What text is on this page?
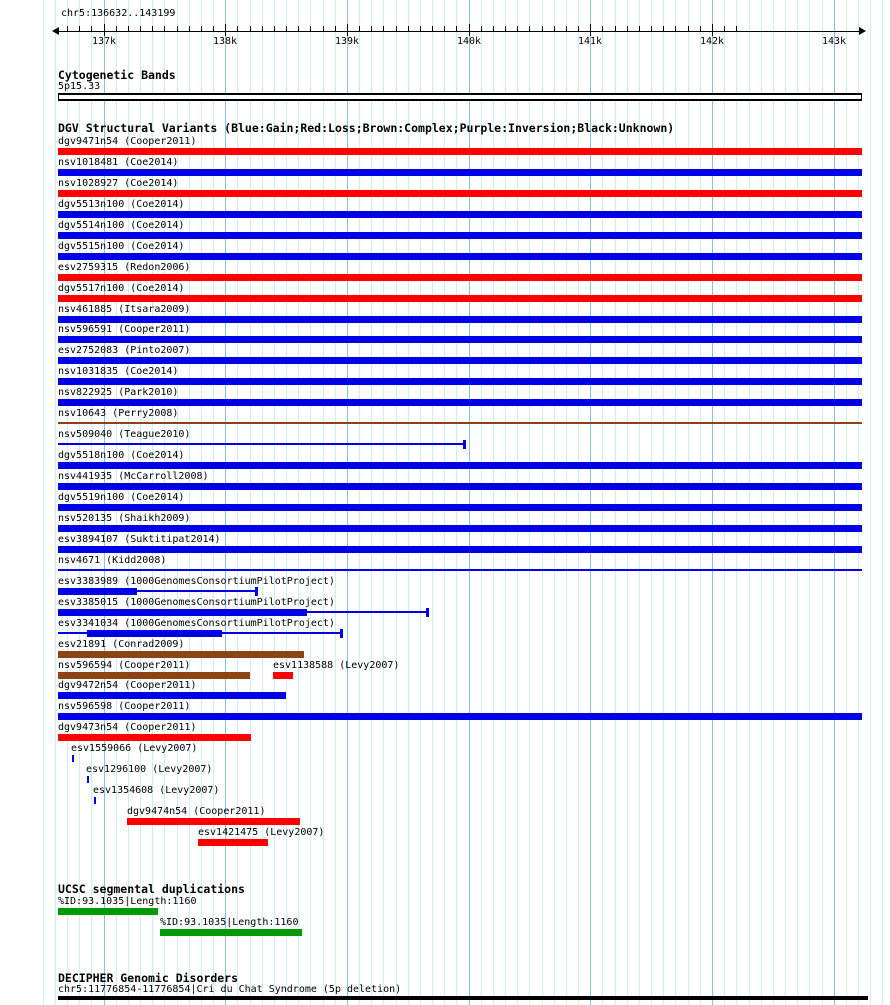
chr5:136632..143199
137k	138k	139k	140k	141k	142k	143k
Cytogenetic Bands
5p15.33
DGV Structural Variants (Blue:Gain;Red:Loss;Brown:Complex;Purple:Inversion;Black:Unknown)
dgv9471n54 (Cooper2011)
nsv1018481 (Coe2014)
nsv1028927 (Coe2014)
dgv5513n100 (Coe2014)
dgv5514n100 (Coe2014)
dgv5515n100 (Coe2014)
esv2759315 (Redon2006)
dgv5517n100 (Coe2014)
nsv461885 (Itsara2009)
nsv596591 (Cooper2011)
esv2752083 (Pinto2007)
nsv1031835 (Coe2014)
nsv822925 (Park2010)
nsv10643 (Perry2008)
nsv509040 (Teague2010)
dgv5518n100 (Coe2014)
nsv441935 (McCarroll2008)
dgv5519n100 (Coe2014)
nsv520135 (Shaikh2009)
esv3894107 (Suktitipat2014)
nsv4671 (Kidd2008)
esv3383989 (1000GenomesConsortiumPilotProject)
esv3385015 (1000GenomesConsortiumPilotProject)
esv3341034 (1000GenomesConsortiumPilotProject)
esv21891 (Conrad2009)
nsv596594 (Cooper2011)	esv1138588 (Levy2007)
dgv9472n54 (Cooper2011)
nsv596598 (Cooper2011)
dgv9473n54 (Cooper2011)
esv1559066 (Levy2007)
esv1296100 (Levy2007)
esv1354608 (Levy2007)
dgv9474n54 (Cooper2011)
esv1421475 (Levy2007)
UCSC segmental duplications
%ID:93.1035|Length:1160
%ID:93.1035|Length:1160
DECIPHER Genomic Disorders
chr5:11776854-11776854|Cri du Chat Syndrome (5p deletion)
